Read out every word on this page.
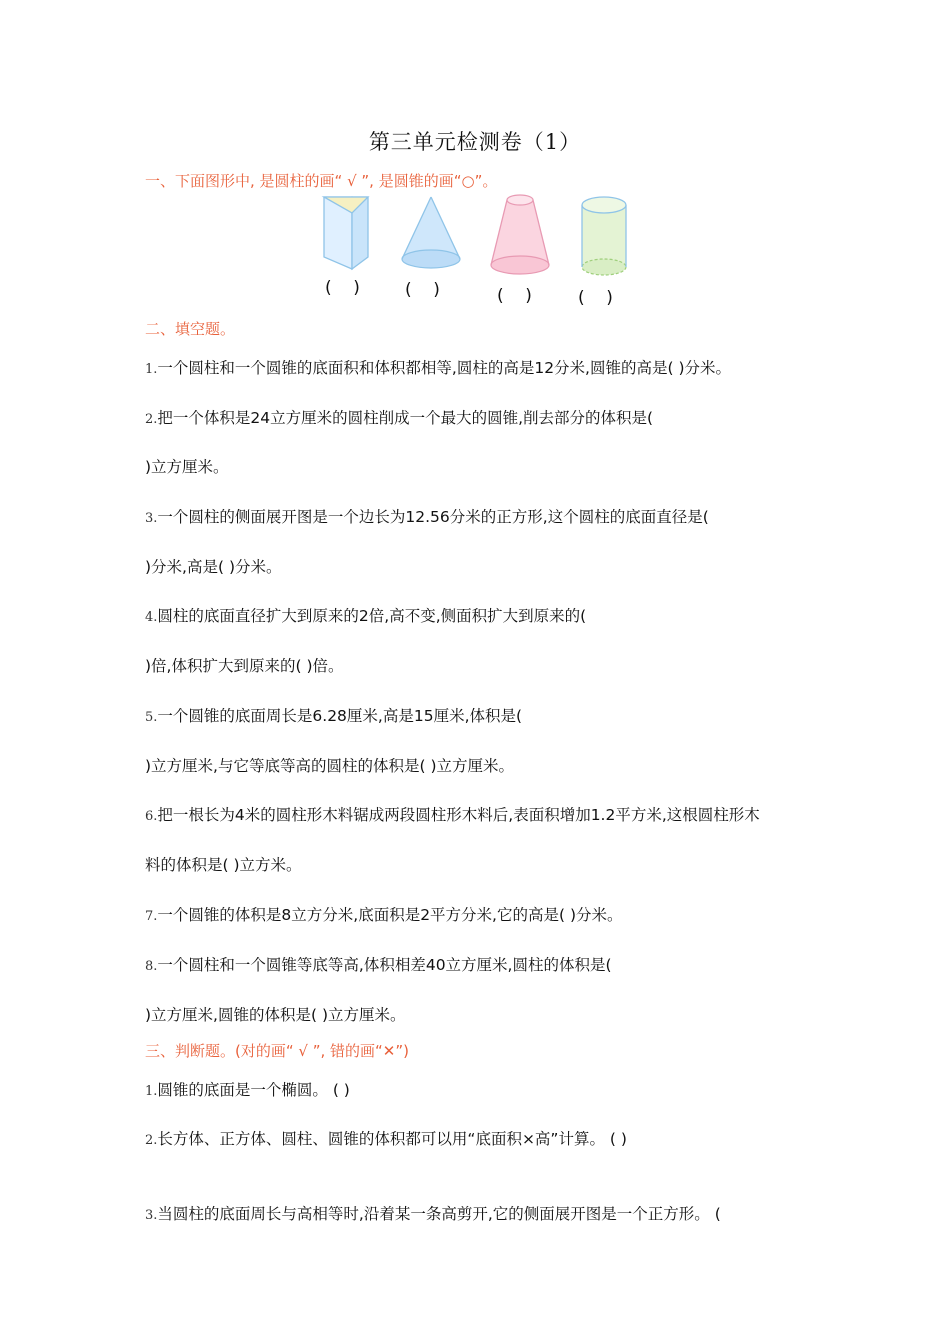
第三单元检测卷（1）
一、下面图形中, 是圆柱的画“ √ ”, 是圆锥的画“○”。
(    )	(    )	(    )	(    )
二、填空题。
1.一个圆柱和一个圆锥的底面积和体积都相等,圆柱的高是12分米,圆锥的高是( )分米。
2.把一个体积是24立方厘米的圆柱削成一个最大的圆锥,削去部分的体积是(
)立方厘米。
3.一个圆柱的侧面展开图是一个边长为12.56分米的正方形,这个圆柱的底面直径是(
)分米,高是( )分米。
4.圆柱的底面直径扩大到原来的2倍,高不变,侧面积扩大到原来的(
)倍,体积扩大到原来的( )倍。
5.一个圆锥的底面周长是6.28厘米,高是15厘米,体积是(
)立方厘米,与它等底等高的圆柱的体积是( )立方厘米。
6.把一根长为4米的圆柱形木料锯成两段圆柱形木料后,表面积增加1.2平方米,这根圆柱形木
料的体积是( )立方米。
7.一个圆锥的体积是8立方分米,底面积是2平方分米,它的高是( )分米。
8.一个圆柱和一个圆锥等底等高,体积相差40立方厘米,圆柱的体积是(
)立方厘米,圆锥的体积是( )立方厘米。
三、判断题。(对的画“ √ ”, 错的画“✕”)
1.圆锥的底面是一个椭圆。 ( )
2.长方体、正方体、圆柱、圆锥的体积都可以用“底面积×高”计算。 ( )
3.当圆柱的底面周长与高相等时,沿着某一条高剪开,它的侧面展开图是一个正方形。 (
